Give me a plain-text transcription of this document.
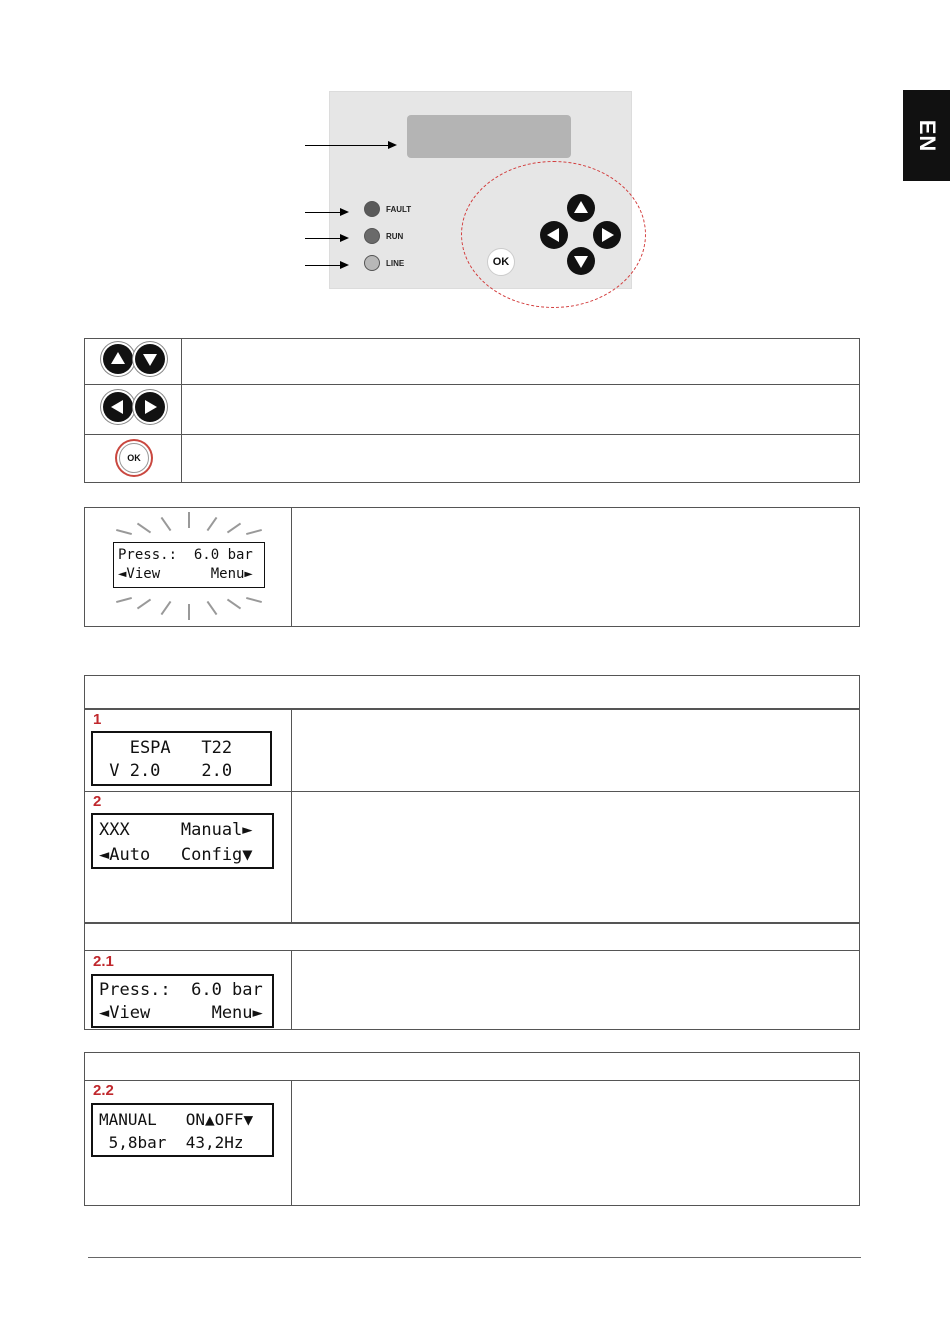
EN
FAULT
RUN
LINE	OK
OK
Press.:  6.0 bar
◄View      Menu►
1
ESPA   T22
V 2.0    2.0
2
XXX     Manual►
◄Auto   Config▼
2.1
Press.:  6.0 bar
◄View      Menu►
2.2
MANUAL   ON▲OFF▼
5,8bar  43,2Hz
